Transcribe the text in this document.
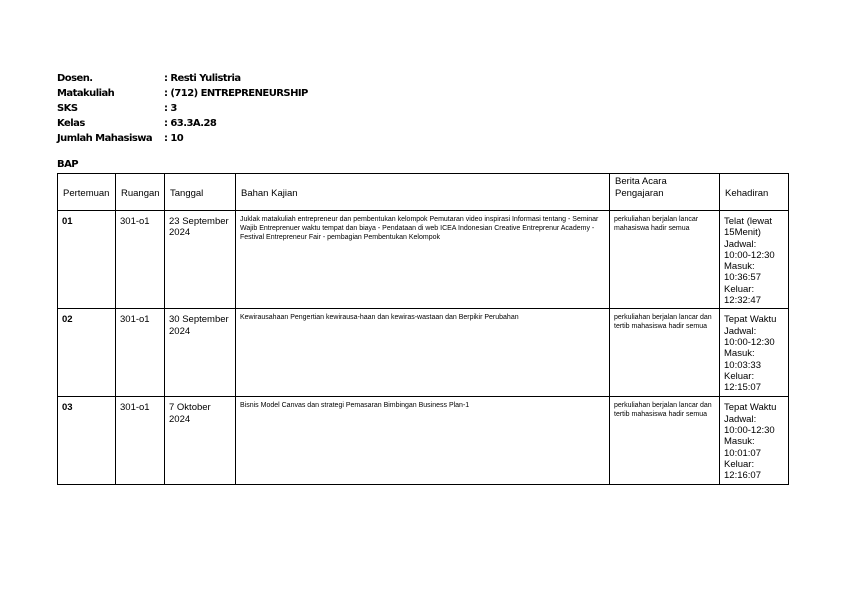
Dosen.	: Resti Yulistria
Matakuliah	: (712) ENTREPRENEURSHIP
SKS	: 3
Kelas	: 63.3A.28
Jumlah Mahasiswa	: 10
BAP
Pertemuan	Ruangan	Tanggal	Bahan Kajian	Berita Acara Pengajaran	Kehadiran
01	301-o1	23 September 2024	Juklak matakuliah entrepreneur dan pembentukan kelompok Pemutaran video inspirasi Informasi tentang - Seminar Wajib Entreprenuer waktu tempat dan biaya - Pendataan di web ICEA Indonesian Creative Entreprenur Academy - Festival Entrepreneur Fair - pembagian Pembentukan Kelompok	perkuliahan berjalan lancar mahasiswa hadir semua	Telat (lewat 15Menit) Jadwal: 10:00-12:30 Masuk: 10:36:57 Keluar: 12:32:47
02	301-o1	30 September 2024	Kewirausahaan Pengertian kewirausa-haan dan kewiras-wastaan dan Berpikir Perubahan	perkuliahan berjalan lancar dan tertib mahasiswa hadir semua	Tepat Waktu Jadwal: 10:00-12:30 Masuk: 10:03:33 Keluar: 12:15:07
03	301-o1	7 Oktober 2024	Bisnis Model Canvas dan strategi Pemasaran Bimbingan Business Plan-1	perkuliahan berjalan lancar dan tertib mahasiswa hadir semua	Tepat Waktu Jadwal: 10:00-12:30 Masuk: 10:01:07 Keluar: 12:16:07
